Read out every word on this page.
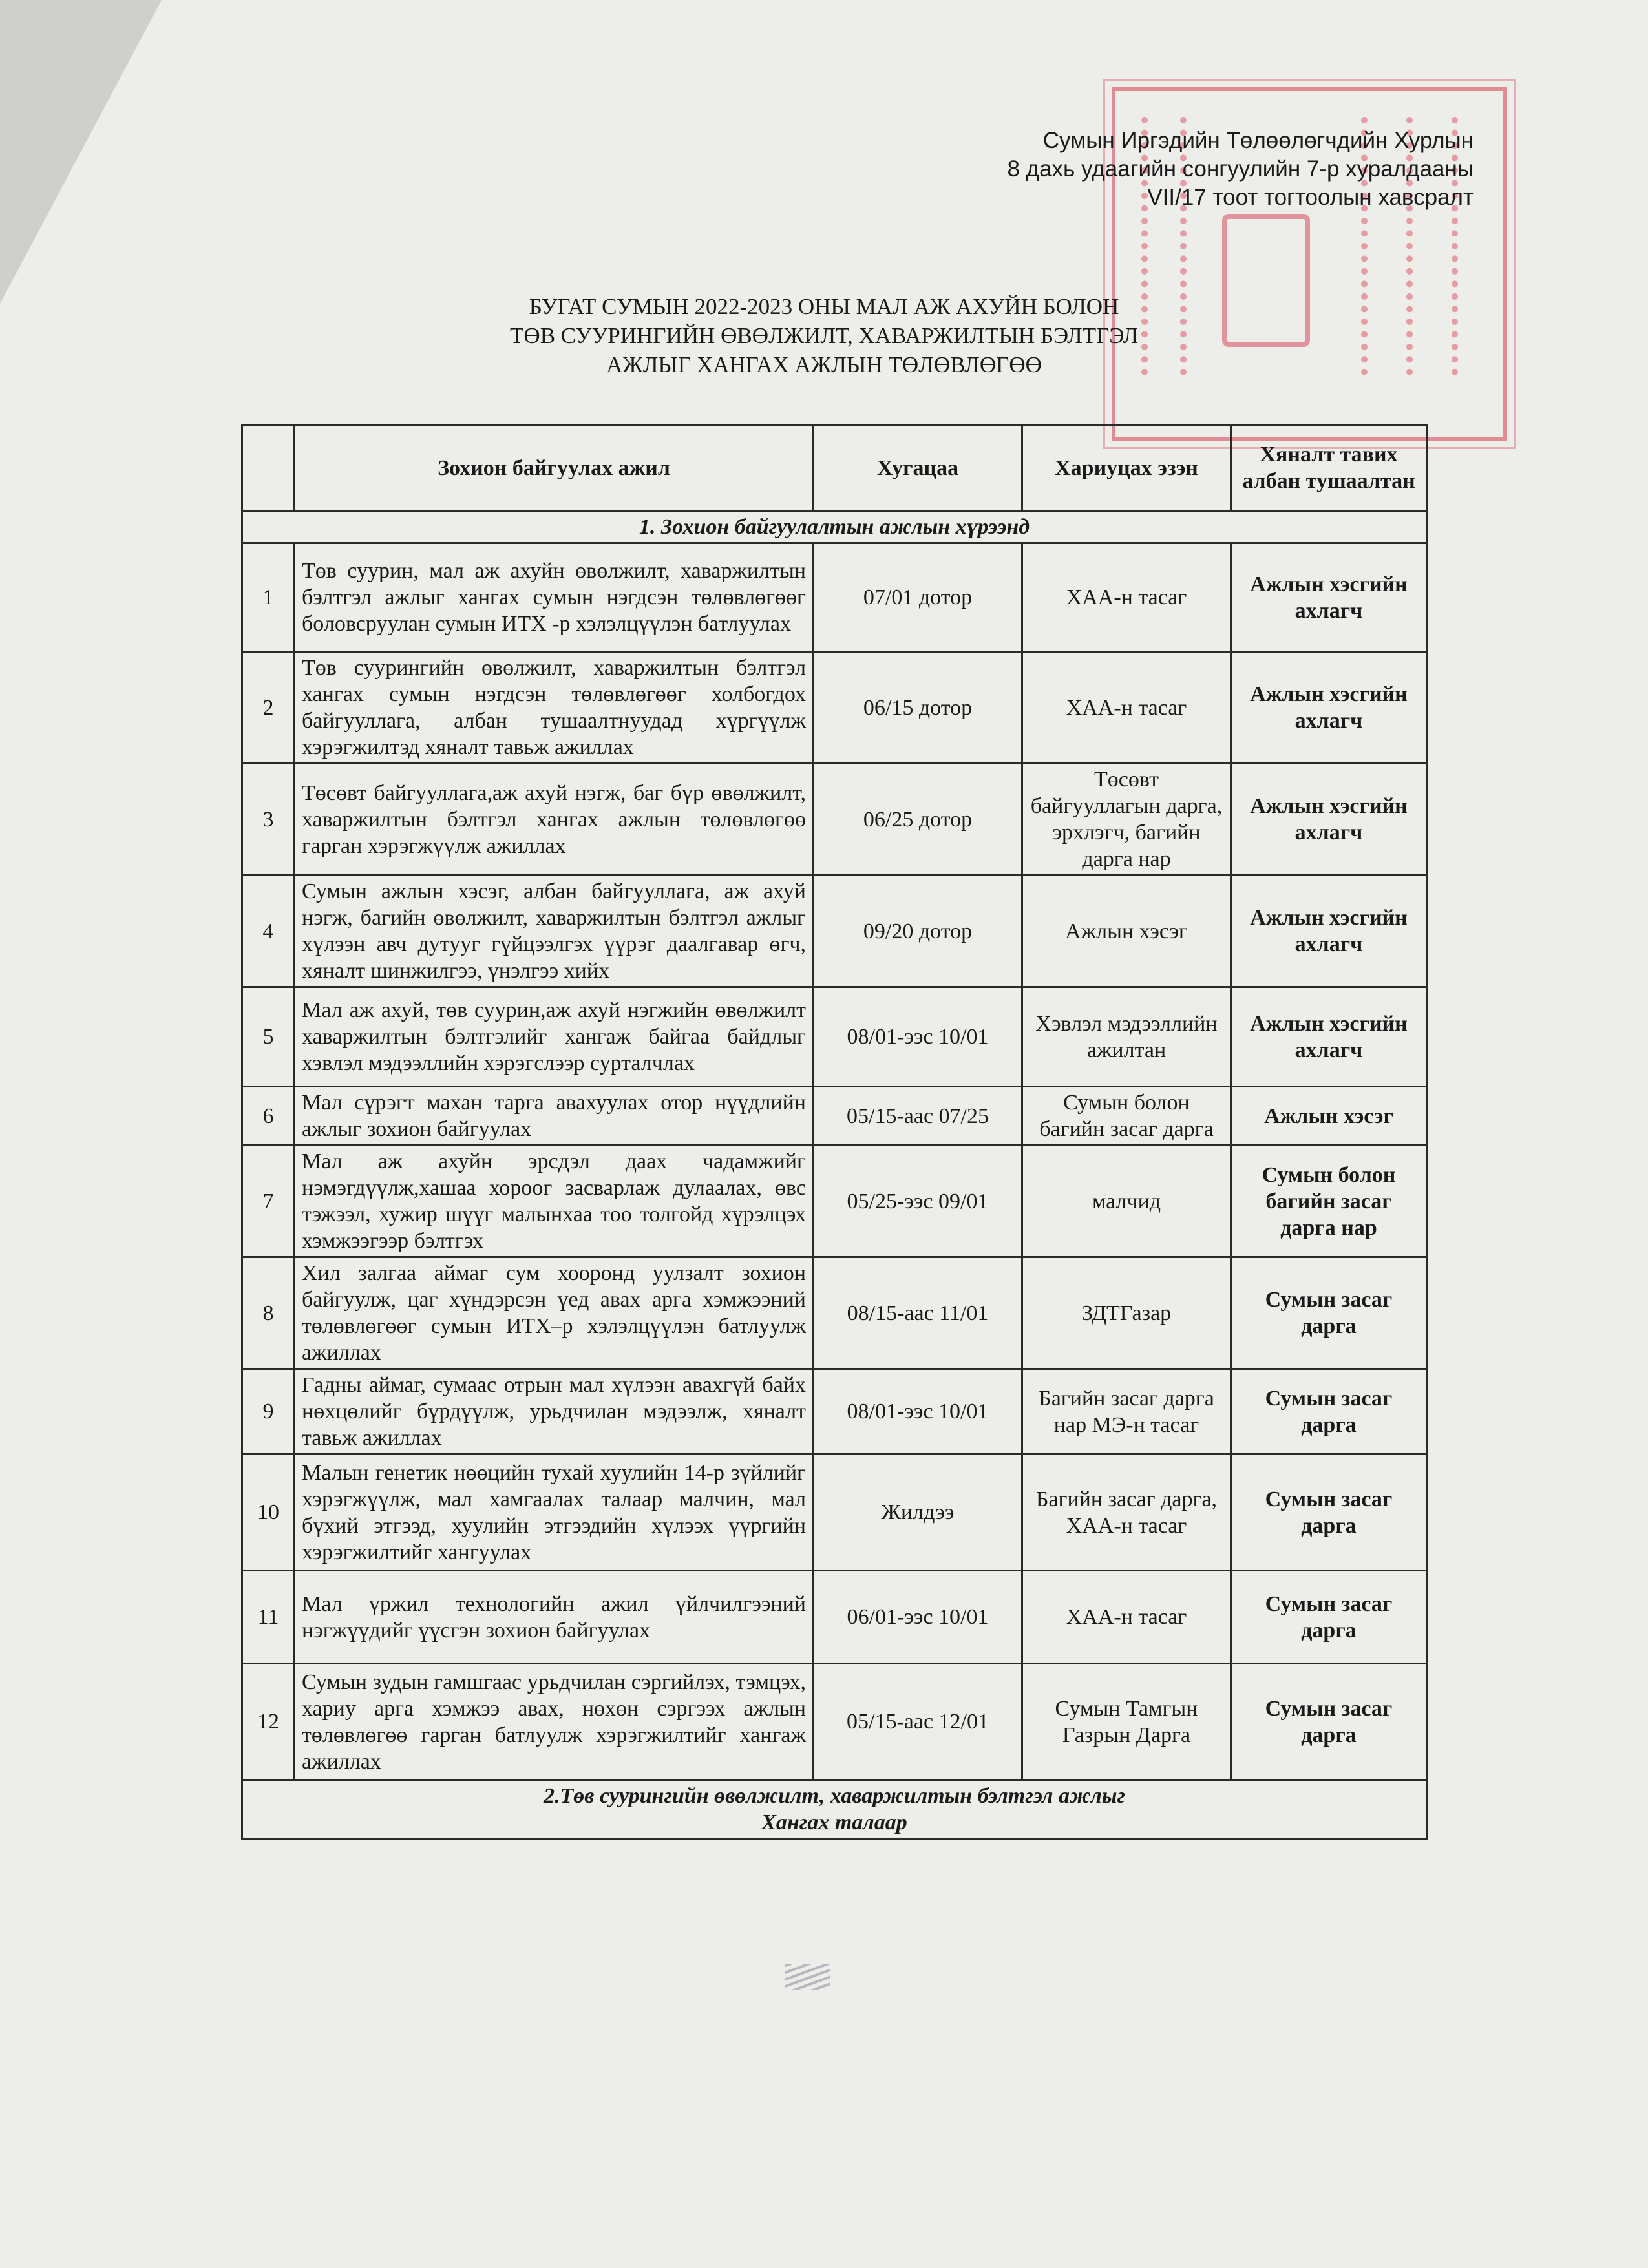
Сумын Иргэдийн Төлөөлөгчдийн Хурлын
8 дахь удаагийн сонгуулийн 7-р хуралдааны
VII/17 тоот тогтоолын хавсралт
БУГАТ СУМЫН 2022-2023 ОНЫ МАЛ АЖ АХУЙН БОЛОН
ТӨВ СУУРИНГИЙН ӨВӨЛЖИЛТ, ХАВАРЖИЛТЫН БЭЛТГЭЛ
АЖЛЫГ ХАНГАХ АЖЛЫН ТӨЛӨВЛӨГӨӨ
	Зохион байгуулах ажил	Хугацаа	Хариуцах эзэн	Хяналт тавих албан тушаалтан
1. Зохион байгуулалтын ажлын хүрээнд				
1	Төв суурин, мал аж ахуйн өвөлжилт, хаваржилтын бэлтгэл ажлыг хангах сумын нэгдсэн төлөвлөгөөг боловсруулан сумын ИТХ -р хэлэлцүүлэн батлуулах	07/01 дотор	ХАА-н тасаг	Ажлын хэсгийн ахлагч
2	Төв суурингийн өвөлжилт, хаваржилтын бэлтгэл хангах сумын нэгдсэн төлөвлөгөөг холбогдох байгууллага, албан тушаалтнуудад хүргүүлж хэрэгжилтэд хяналт тавьж ажиллах	06/15 дотор	ХАА-н тасаг	Ажлын хэсгийн ахлагч
3	Төсөвт байгууллага,аж ахуй нэгж, баг бүр өвөлжилт, хаваржилтын бэлтгэл хангах ажлын төлөвлөгөө гарган хэрэгжүүлж ажиллах	06/25 дотор	Төсөвт байгууллагын дарга, эрхлэгч, багийн дарга нар	Ажлын хэсгийн ахлагч
4	Сумын ажлын хэсэг, албан байгууллага, аж ахуй нэгж, багийн өвөлжилт, хаваржилтын бэлтгэл ажлыг хүлээн авч дутууг гүйцээлгэх үүрэг даалгавар өгч, хяналт шинжилгээ, үнэлгээ хийх	09/20 дотор	Ажлын хэсэг	Ажлын хэсгийн ахлагч
5	Мал аж ахуй, төв суурин,аж ахуй нэгжийн өвөлжилт хаваржилтын бэлтгэлийг хангаж байгаа байдлыг хэвлэл мэдээллийн хэрэгслээр сурталчлах	08/01-ээс 10/01	Хэвлэл мэдээллийн ажилтан	Ажлын хэсгийн ахлагч
6	Мал сүрэгт махан тарга авахуулах отор нүүдлийн ажлыг зохион байгуулах	05/15-аас 07/25	Сумын болон багийн засаг дарга	Ажлын хэсэг
7	Мал аж ахуйн эрсдэл даах чадамжийг нэмэгдүүлж,хашаа хороог засварлаж дулаалах, өвс тэжээл, хужир шүүг малынхаа тоо толгойд хүрэлцэх хэмжээгээр бэлтгэх	05/25-ээс 09/01	малчид	Сумын болон багийн засаг дарга нар
8	Хил залгаа аймаг сум хооронд уулзалт зохион байгуулж, цаг хүндэрсэн үед авах арга хэмжээний төлөвлөгөөг сумын ИТХ–р хэлэлцүүлэн батлуулж ажиллах	08/15-аас 11/01	ЗДТГазар	Сумын засаг дарга
9	Гадны аймаг, сумаас отрын мал хүлээн авахгүй байх нөхцөлийг бүрдүүлж, урьдчилан мэдээлж, хяналт тавьж ажиллах	08/01-ээс 10/01	Багийн засаг дарга нар МЭ-н тасаг	Сумын засаг дарга
10	Малын генетик нөөцийн тухай хуулийн 14-р зүйлийг хэрэгжүүлж, мал хамгаалах талаар малчин, мал бүхий этгээд, хуулийн этгээдийн хүлээх үүргийн хэрэгжилтийг хангуулах	Жилдээ	Багийн засаг дарга, ХАА-н тасаг	Сумын засаг дарга
11	Мал үржил технологийн ажил үйлчилгээний нэгжүүдийг үүсгэн зохион байгуулах	06/01-ээс 10/01	ХАА-н тасаг	Сумын засаг дарга
12	Сумын зудын гамшгаас урьдчилан сэргийлэх, тэмцэх, хариу арга хэмжээ авах, нөхөн сэргээх ажлын төлөвлөгөө гарган батлуулж хэрэгжилтийг хангаж ажиллах	05/15-аас 12/01	Сумын Тамгын Газрын Дарга	Сумын засаг дарга

2.Төв суурингийн өвөлжилт, хаваржилтын бэлтгэл ажлыг
Хангах талаар				
